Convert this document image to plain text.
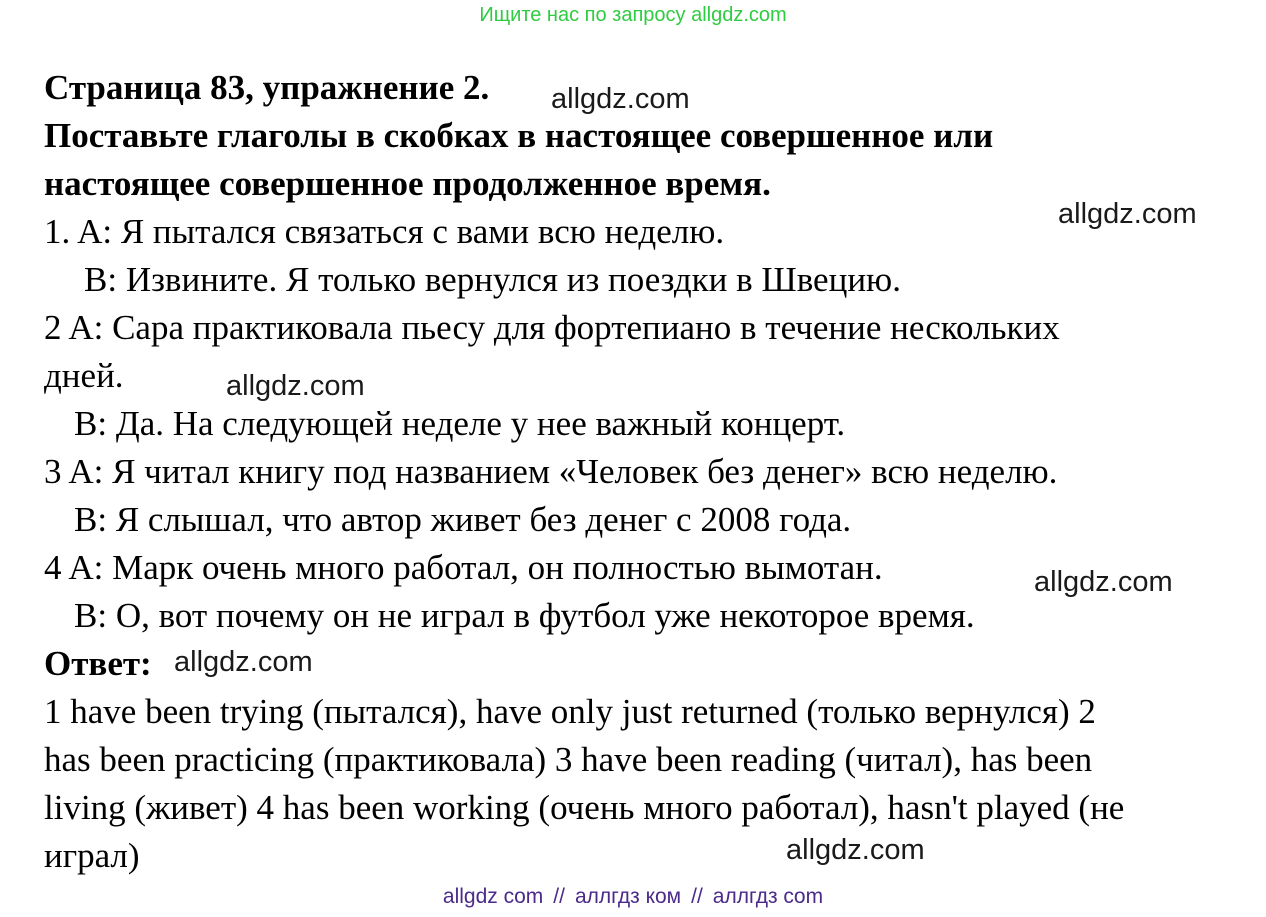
Ищите нас по запросу allgdz.com
Страница 83, упражнение 2.
Поставьте глаголы в скобках в настоящее совершенное или
настоящее совершенное продолженное время.
1. A: Я пытался связаться с вами всю неделю.
B: Извините. Я только вернулся из поездки в Швецию.
2 A: Сара практиковала пьесу для фортепиано в течение нескольких
дней.
B: Да. На следующей неделе у нее важный концерт.
3 A: Я читал книгу под названием «Человек без денег» всю неделю.
B: Я слышал, что автор живет без денег с 2008 года.
4 A: Марк очень много работал, он полностью вымотан.
B: О, вот почему он не играл в футбол уже некоторое время.
Ответ:
1 have been trying (пытался), have only just returned (только вернулся) 2
has been practicing (практиковала) 3 have been reading (читал), has been
living (живет) 4 has been working (очень много работал), hasn't played (не
играл)
allgdz.com
allgdz.com
allgdz.com
allgdz.com
allgdz.com
allgdz.com
allgdz com // аллгдз ком // аллгдз com
